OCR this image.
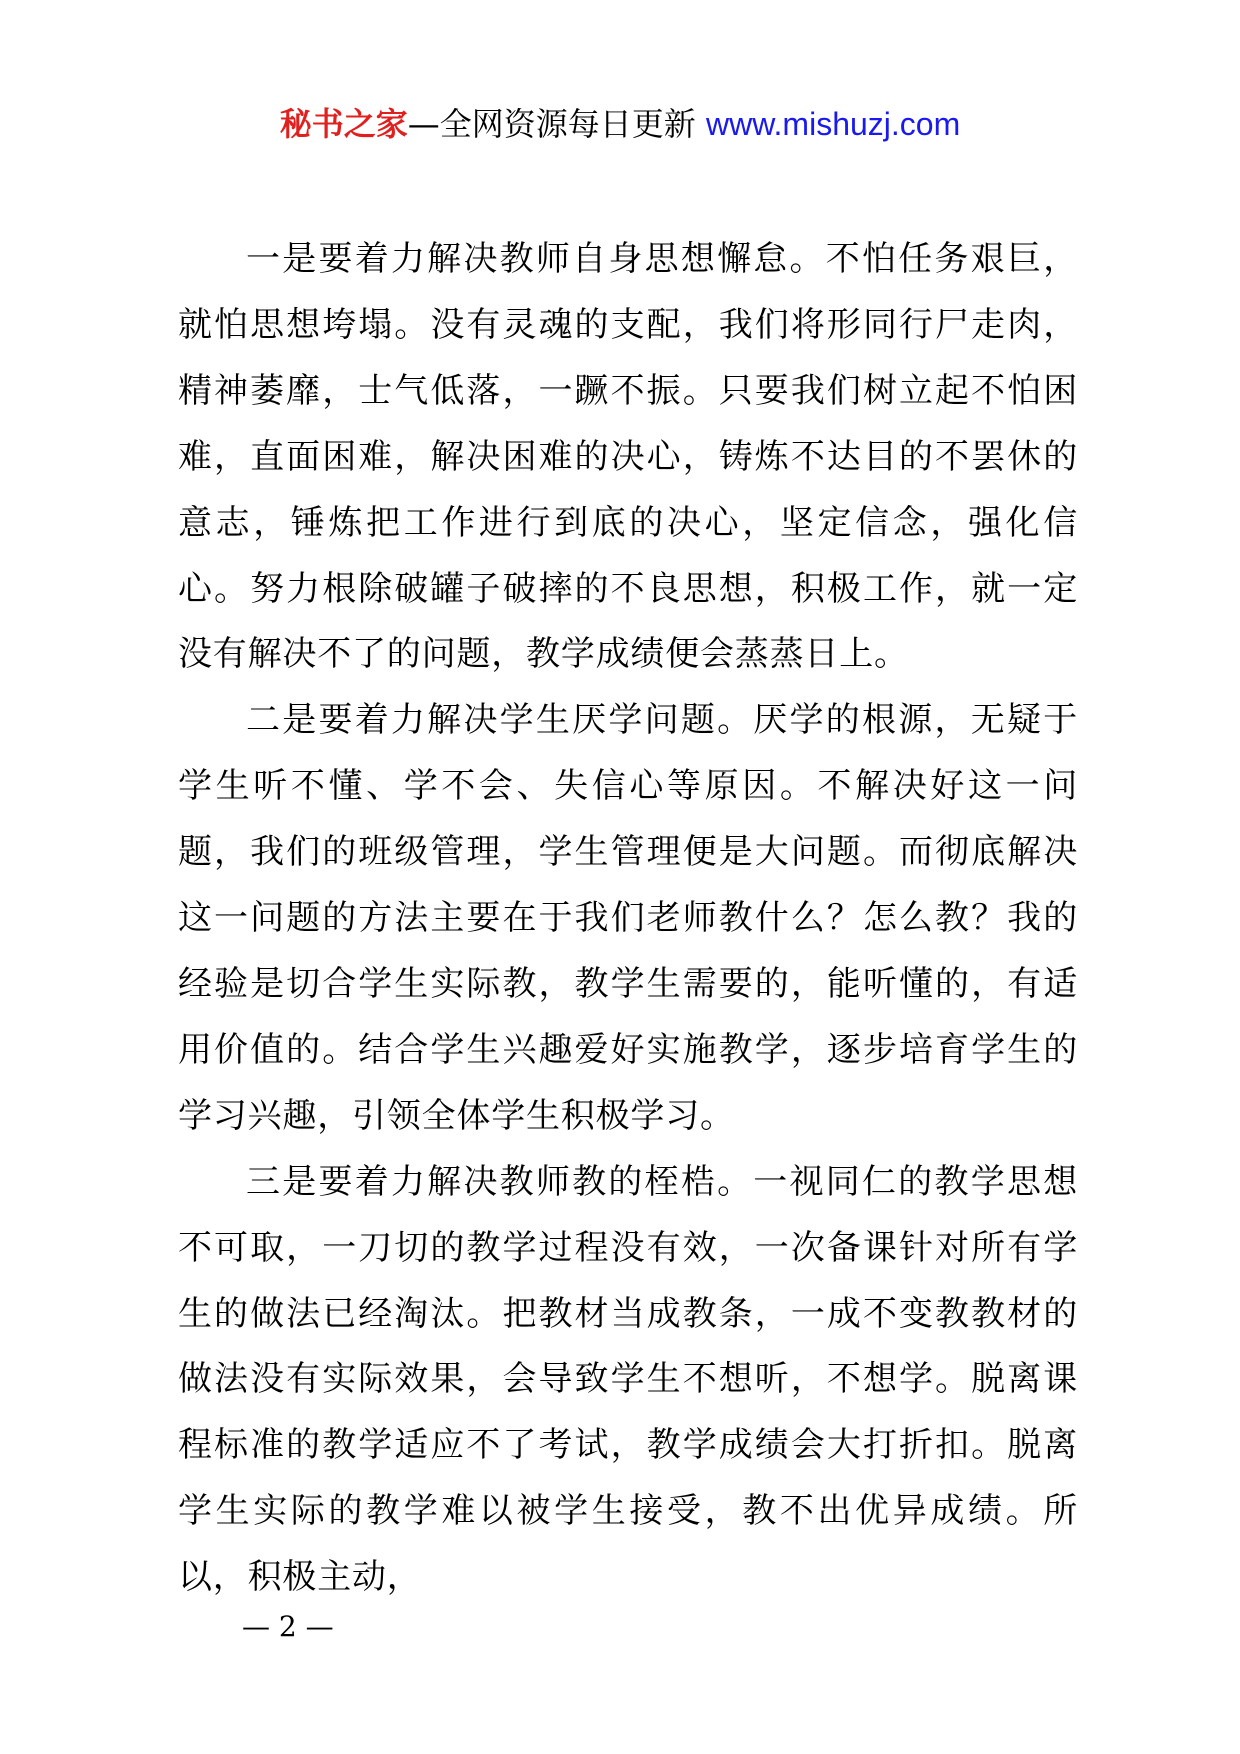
秘书之家—全网资源每日更新 www.mishuzj.com

一是要着力解决教师自身思想懈怠。不怕任务艰巨，就怕思想垮塌。没有灵魂的支配，我们将形同行尸走肉，精神萎靡，士气低落，一蹶不振。只要我们树立起不怕困难，直面困难，解决困难的决心，铸炼不达目的不罢休的意志，锤炼把工作进行到底的决心，坚定信念，强化信心。努力根除破罐子破摔的不良思想，积极工作，就一定没有解决不了的问题，教学成绩便会蒸蒸日上。

二是要着力解决学生厌学问题。厌学的根源，无疑于学生听不懂、学不会、失信心等原因。不解决好这一问题，我们的班级管理，学生管理便是大问题。而彻底解决这一问题的方法主要在于我们老师教什么？怎么教？我的经验是切合学生实际教，教学生需要的，能听懂的，有适用价值的。结合学生兴趣爱好实施教学，逐步培育学生的学习兴趣，引领全体学生积极学习。

三是要着力解决教师教的桎梏。一视同仁的教学思想不可取，一刀切的教学过程没有效，一次备课针对所有学生的做法已经淘汰。把教材当成教条，一成不变教教材的做法没有实际效果，会导致学生不想听，不想学。脱离课程标准的教学适应不了考试，教学成绩会大打折扣。脱离学生实际的教学难以被学生接受，教不出优异成绩。所以，积极主动，

— 2 —
